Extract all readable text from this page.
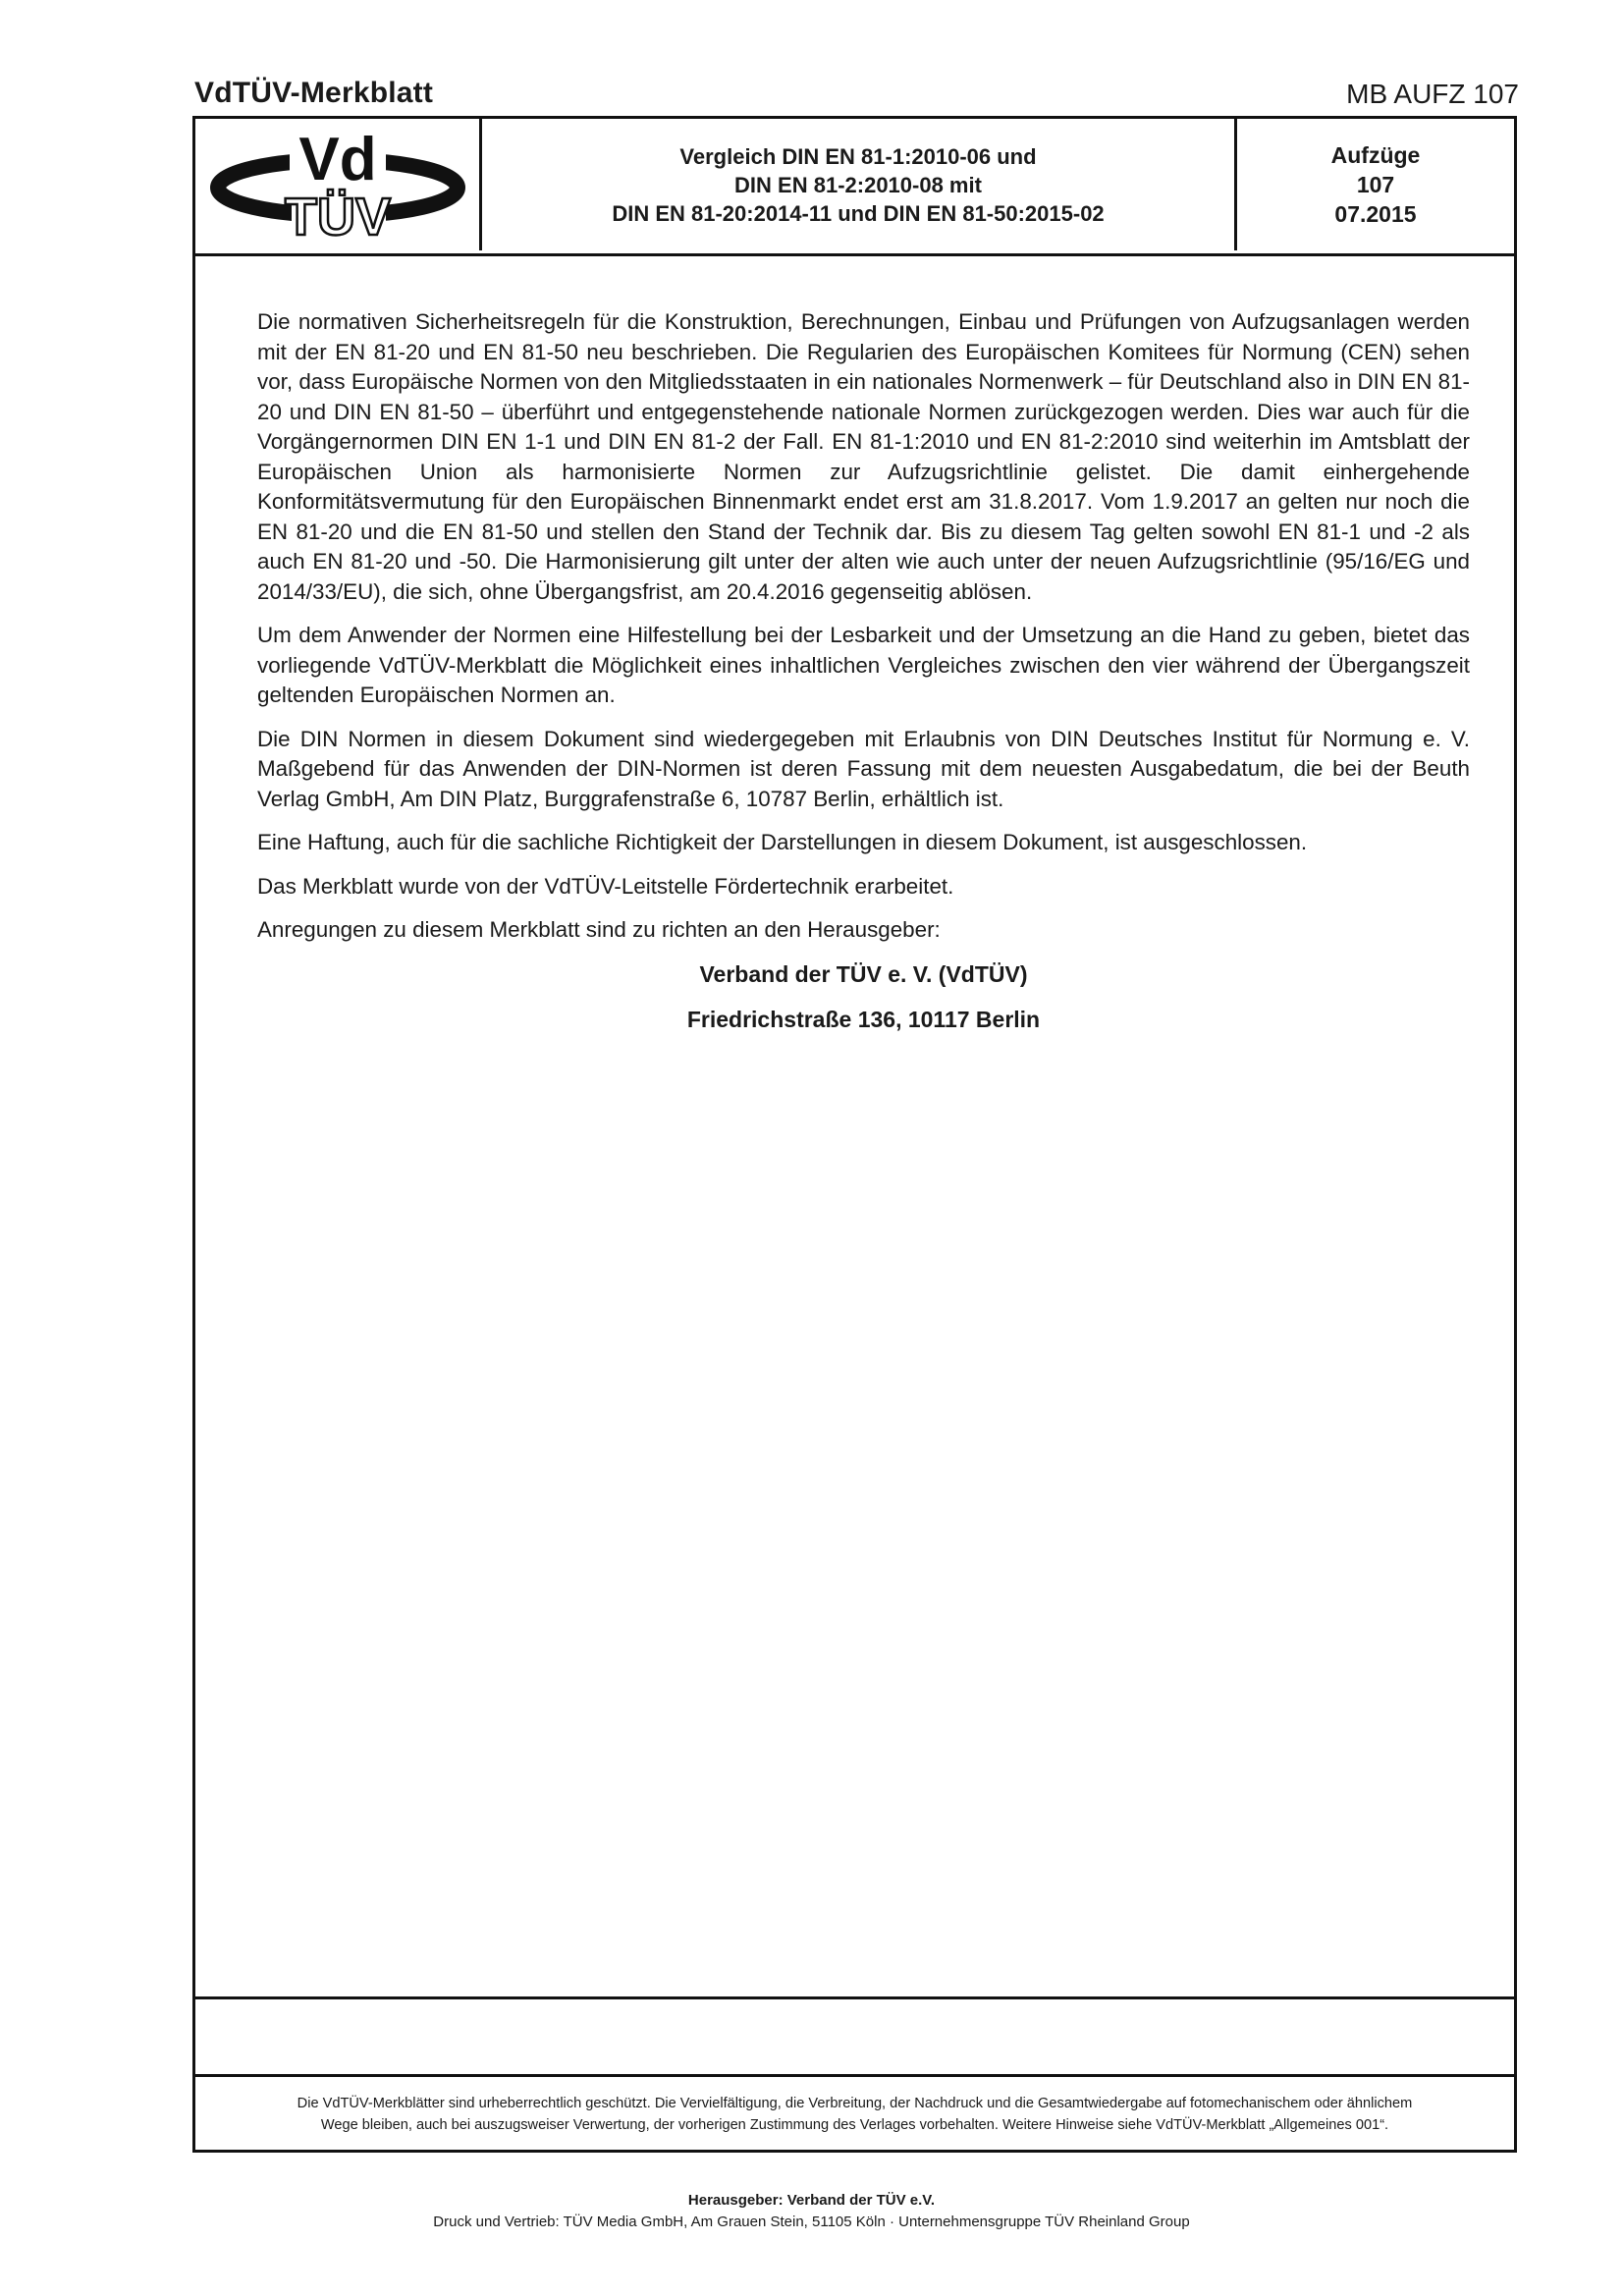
VdTÜV-Merkblatt	MB AUFZ 107
Vd
TÜV
Vergleich DIN EN 81-1:2010-06 und
DIN EN 81-2:2010-08 mit
DIN EN 81-20:2014-11 und DIN EN 81-50:2015-02
Aufzüge
107
07.2015

Die normativen Sicherheitsregeln für die Konstruktion, Berechnungen, Einbau und Prüfungen von Aufzugsanlagen werden mit der EN 81-20 und EN 81-50 neu beschrieben. Die Regularien des Europäischen Komitees für Normung (CEN) sehen vor, dass Europäische Normen von den Mitgliedsstaaten in ein nationales Normenwerk – für Deutschland also in DIN EN 81-20 und DIN EN 81-50 – überführt und entgegenstehende nationale Normen zurückgezogen werden. Dies war auch für die Vorgängernormen DIN EN 1-1 und DIN EN 81-2 der Fall. EN 81-1:2010 und EN 81-2:2010 sind weiterhin im Amtsblatt der Europäischen Union als harmonisierte Normen zur Aufzugsrichtlinie gelistet. Die damit einhergehende Konformitätsvermutung für den Europäischen Binnenmarkt endet erst am 31.8.2017. Vom 1.9.2017 an gelten nur noch die EN 81-20 und die EN 81-50 und stellen den Stand der Technik dar. Bis zu diesem Tag gelten sowohl EN 81-1 und -2 als auch EN 81-20 und -50. Die Harmonisierung gilt unter der alten wie auch unter der neuen Aufzugsrichtlinie (95/16/EG und 2014/33/EU), die sich, ohne Übergangsfrist, am 20.4.2016 gegenseitig ablösen.

Um dem Anwender der Normen eine Hilfestellung bei der Lesbarkeit und der Umsetzung an die Hand zu geben, bietet das vorliegende VdTÜV-Merkblatt die Möglichkeit eines inhaltlichen Vergleiches zwischen den vier während der Übergangszeit geltenden Europäischen Normen an.

Die DIN Normen in diesem Dokument sind wiedergegeben mit Erlaubnis von DIN Deutsches Institut für Normung e. V. Maßgebend für das Anwenden der DIN-Normen ist deren Fassung mit dem neuesten Ausgabedatum, die bei der Beuth Verlag GmbH, Am DIN Platz, Burggrafenstraße 6, 10787 Berlin, erhältlich ist.

Eine Haftung, auch für die sachliche Richtigkeit der Darstellungen in diesem Dokument, ist ausgeschlossen.

Das Merkblatt wurde von der VdTÜV-Leitstelle Fördertechnik erarbeitet.

Anregungen zu diesem Merkblatt sind zu richten an den Herausgeber:

Verband der TÜV e. V. (VdTÜV)

Friedrichstraße 136, 10117 Berlin

Die VdTÜV-Merkblätter sind urheberrechtlich geschützt. Die Vervielfältigung, die Verbreitung, der Nachdruck und die Gesamtwiedergabe auf fotomechanischem oder ähnlichem
Wege bleiben, auch bei auszugsweiser Verwertung, der vorherigen Zustimmung des Verlages vorbehalten. Weitere Hinweise siehe VdTÜV-Merkblatt „Allgemeines 001“.
Herausgeber: Verband der TÜV e.V.
Druck und Vertrieb: TÜV Media GmbH, Am Grauen Stein, 51105 Köln · Unternehmensgruppe TÜV Rheinland Group
